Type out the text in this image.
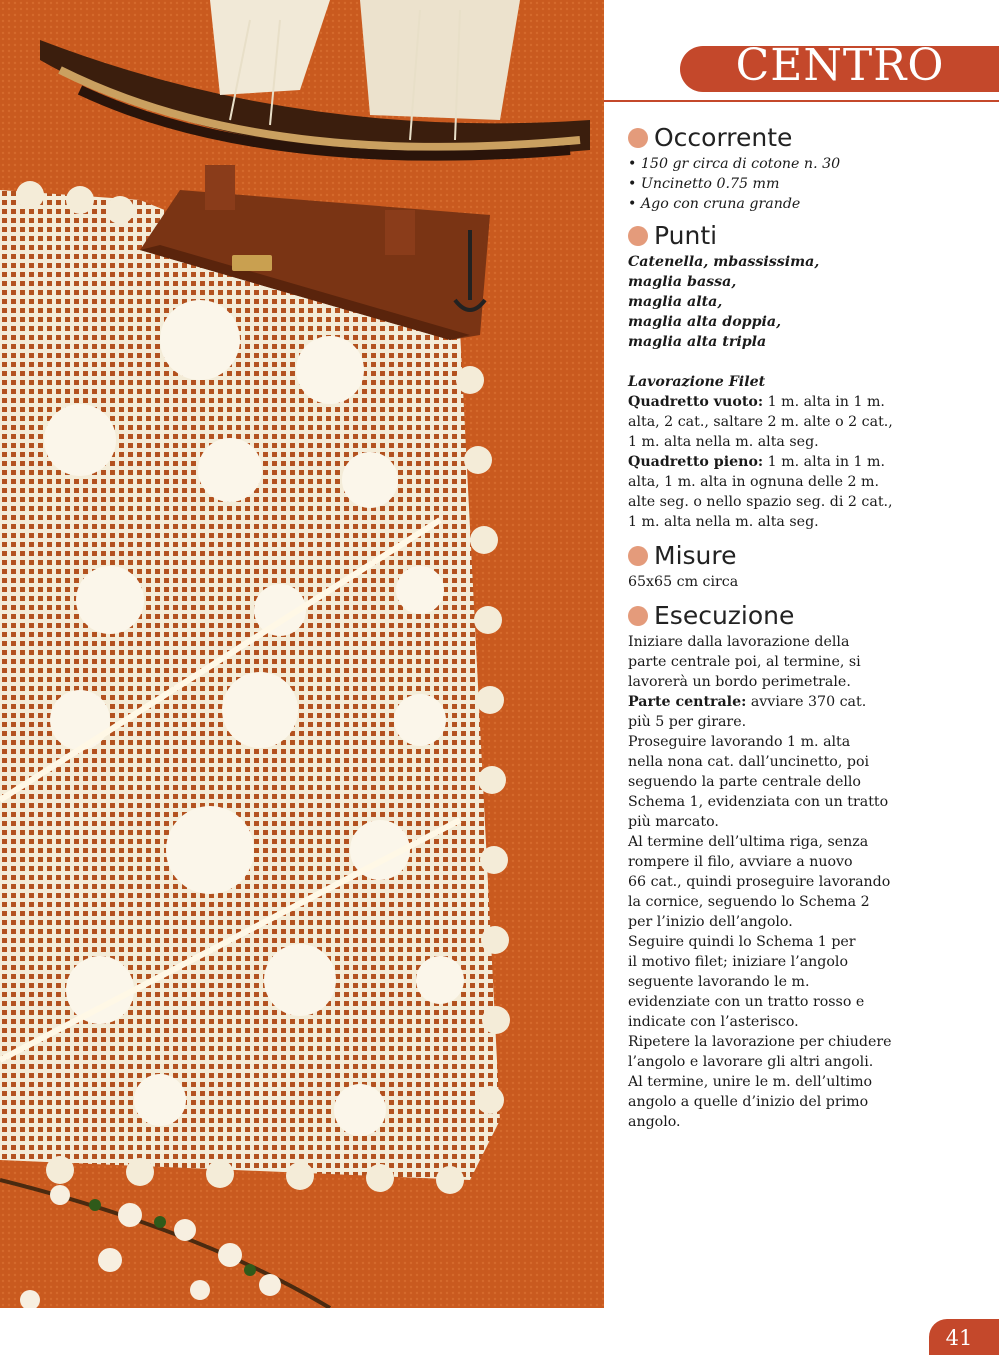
CENTRO
Occorrente
• 150 gr circa di cotone n. 30
• Uncinetto 0.75 mm
• Ago con cruna grande
Punti
Catenella, mbassissima,
maglia bassa,
maglia alta,
maglia alta doppia,
maglia alta tripla
Lavorazione Filet
Quadretto vuoto: 1 m. alta in 1 m.
alta, 2 cat., saltare 2 m. alte o 2 cat.,
1 m. alta nella m. alta seg.
Quadretto pieno: 1 m. alta in 1 m.
alta, 1 m. alta in ognuna delle 2 m.
alte seg. o nello spazio seg. di 2 cat.,
1 m. alta nella m. alta seg.
Misure
65x65 cm circa
Esecuzione
Iniziare dalla lavorazione della
parte centrale poi, al termine, si
lavorerà un bordo perimetrale.
Parte centrale: avviare 370 cat.
più 5 per girare.
Proseguire lavorando 1 m. alta
nella nona cat. dall’uncinetto, poi
seguendo la parte centrale dello
Schema 1, evidenziata con un tratto
più marcato.
Al termine dell’ultima riga, senza
rompere il filo, avviare a nuovo
66 cat., quindi proseguire lavorando
la cornice, seguendo lo Schema 2
per l’inizio dell’angolo.
Seguire quindi lo Schema 1 per
il motivo filet; iniziare l’angolo
seguente lavorando le m.
evidenziate con un tratto rosso e
indicate con l’asterisco.
Ripetere la lavorazione per chiudere
l’angolo e lavorare gli altri angoli.
Al termine, unire le m. dell’ultimo
angolo a quelle d’inizio del primo
angolo.
41
